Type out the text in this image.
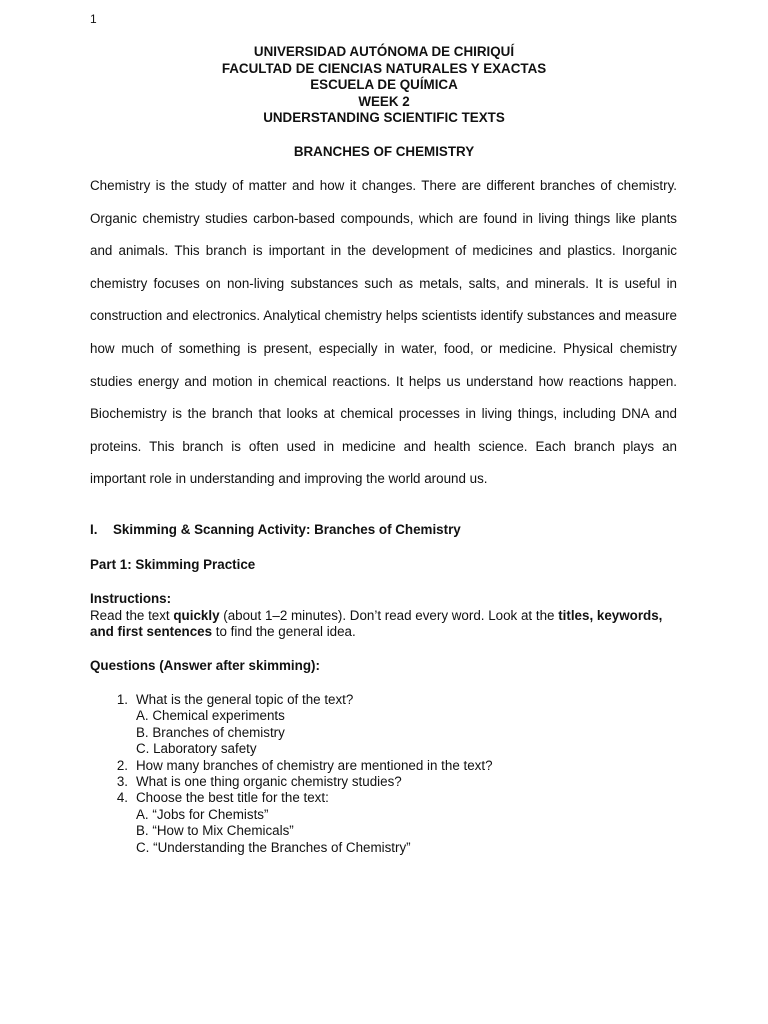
1
UNIVERSIDAD AUTÓNOMA DE CHIRIQUÍ
FACULTAD DE CIENCIAS NATURALES Y EXACTAS
ESCUELA DE QUÍMICA
WEEK 2
UNDERSTANDING SCIENTIFIC TEXTS
BRANCHES OF CHEMISTRY

Chemistry is the study of matter and how it changes. There are different branches of chemistry. Organic chemistry studies carbon-based compounds, which are found in living things like plants and animals. This branch is important in the development of medicines and plastics. Inorganic chemistry focuses on non-living substances such as metals, salts, and minerals. It is useful in construction and electronics. Analytical chemistry helps scientists identify substances and measure how much of something is present, especially in water, food, or medicine. Physical chemistry studies energy and motion in chemical reactions. It helps us understand how reactions happen. Biochemistry is the branch that looks at chemical processes in living things, including DNA and proteins. This branch is often used in medicine and health science. Each branch plays an important role in understanding and improving the world around us.

I. Skimming & Scanning Activity: Branches of Chemistry
Part 1: Skimming Practice
Instructions:
Read the text quickly (about 1–2 minutes). Don’t read every word. Look at the titles, keywords, and first sentences to find the general idea.
Questions (Answer after skimming):
1. What is the general topic of the text?
A. Chemical experiments
B. Branches of chemistry
C. Laboratory safety
2. How many branches of chemistry are mentioned in the text?
3. What is one thing organic chemistry studies?
4. Choose the best title for the text:
A. “Jobs for Chemists”
B. “How to Mix Chemicals”
C. “Understanding the Branches of Chemistry”
